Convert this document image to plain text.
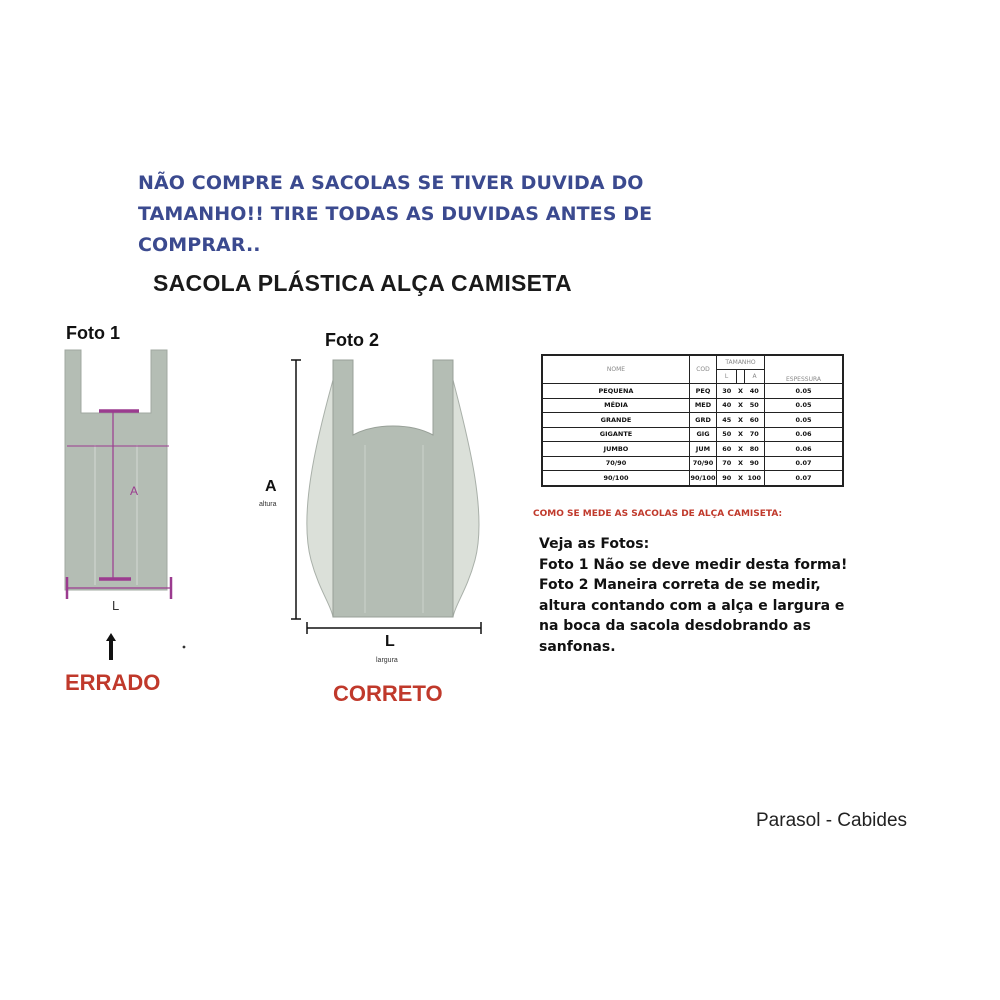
NÃO COMPRE A SACOLAS SE TIVER DUVIDA DO
TAMANHO!! TIRE TODAS AS DUVIDAS ANTES DE
COMPRAR..
SACOLA PLÁSTICA ALÇA CAMISETA
Foto 1
A
L
ERRADO
Foto 2
A
altura
L
largura
CORRETO
NOME	COD	TAMANHO			ESPESSURA
		L		A	
PEQUENA	PEQ	30	X	40	0.05
MÉDIA	MED	40	X	50	0.05
GRANDE	GRD	45	X	60	0.05
GIGANTE	GIG	50	X	70	0.06
JUMBO	JUM	60	X	80	0.06
70/90	70/90	70	X	90	0.07
90/100	90/100	90	X	100	0.07
COMO SE MEDE AS SACOLAS DE ALÇA CAMISETA:
Veja as Fotos:
Foto 1 Não se deve medir desta forma!
Foto 2 Maneira correta de se medir,
altura contando com a alça e largura e
na boca da sacola desdobrando as
sanfonas.
Parasol - Cabides
